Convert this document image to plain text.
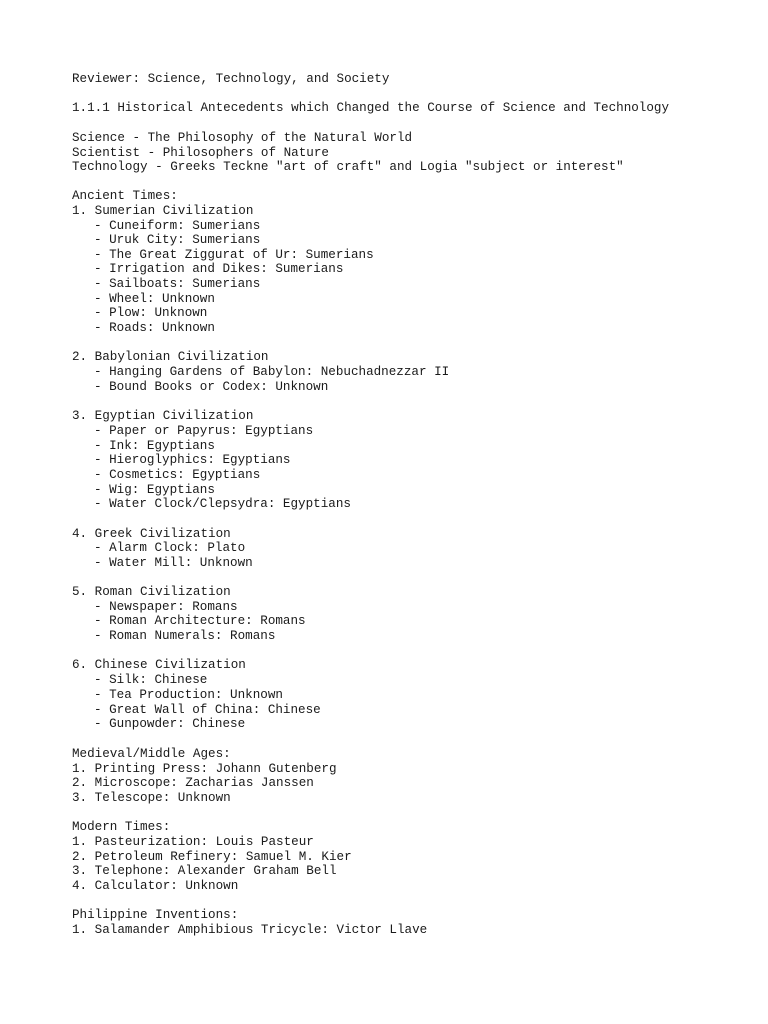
Reviewer: Science, Technology, and Society
1.1.1 Historical Antecedents which Changed the Course of Science and Technology
Science - The Philosophy of the Natural World
Scientist - Philosophers of Nature
Technology - Greeks Teckne "art of craft" and Logia "subject or interest"
Ancient Times:
1. Sumerian Civilization
- Cuneiform: Sumerians
- Uruk City: Sumerians
- The Great Ziggurat of Ur: Sumerians
- Irrigation and Dikes: Sumerians
- Sailboats: Sumerians
- Wheel: Unknown
- Plow: Unknown
- Roads: Unknown
2. Babylonian Civilization
- Hanging Gardens of Babylon: Nebuchadnezzar II
- Bound Books or Codex: Unknown
3. Egyptian Civilization
- Paper or Papyrus: Egyptians
- Ink: Egyptians
- Hieroglyphics: Egyptians
- Cosmetics: Egyptians
- Wig: Egyptians
- Water Clock/Clepsydra: Egyptians
4. Greek Civilization
- Alarm Clock: Plato
- Water Mill: Unknown
5. Roman Civilization
- Newspaper: Romans
- Roman Architecture: Romans
- Roman Numerals: Romans
6. Chinese Civilization
- Silk: Chinese
- Tea Production: Unknown
- Great Wall of China: Chinese
- Gunpowder: Chinese
Medieval/Middle Ages:
1. Printing Press: Johann Gutenberg
2. Microscope: Zacharias Janssen
3. Telescope: Unknown
Modern Times:
1. Pasteurization: Louis Pasteur
2. Petroleum Refinery: Samuel M. Kier
3. Telephone: Alexander Graham Bell
4. Calculator: Unknown
Philippine Inventions:
1. Salamander Amphibious Tricycle: Victor Llave
